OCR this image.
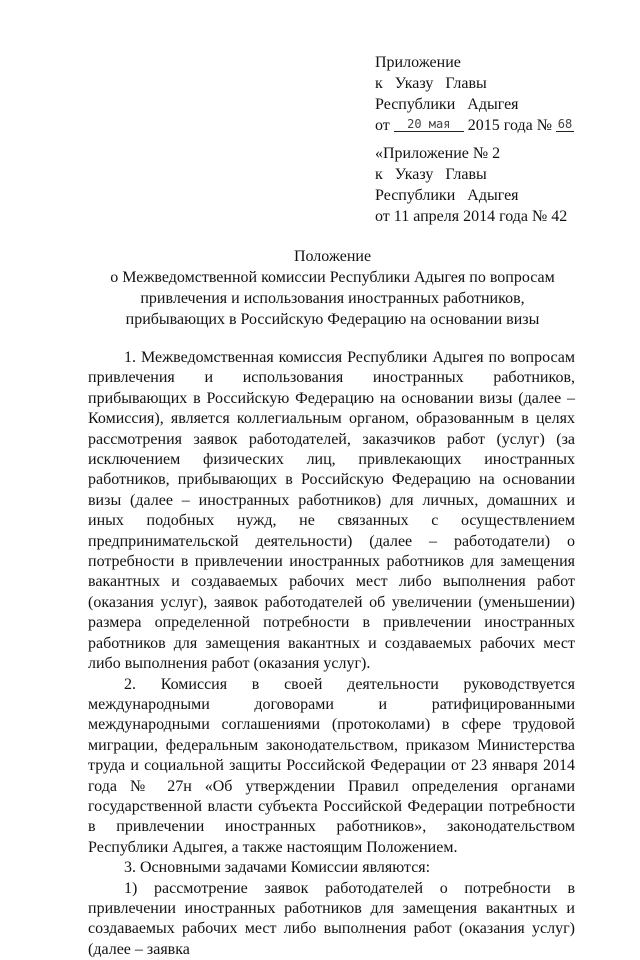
Приложение
к   Указу   Главы
Республики   Адыгея
от 20 мая 2015 года № 68
«Приложение № 2
к   Указу   Главы
Республики   Адыгея
от 11 апреля 2014 года № 42
Положение
о Межведомственной комиссии Республики Адыгея по вопросам привлечения и использования иностранных работников, прибывающих в Российскую Федерацию на основании визы

1. Межведомственная комиссия Республики Адыгея по вопросам привлечения и использования иностранных работников, прибывающих в Российскую Федерацию на основании визы (далее – Комиссия), является коллегиальным органом, образованным в целях рассмотрения заявок работодателей, заказчиков работ (услуг) (за исключением физических лиц, привлекающих иностранных работников, прибывающих в Российскую Федерацию на основании визы (далее – иностранных работников) для личных, домашних и иных подобных нужд, не связанных с осуществлением предпринимательской деятельности) (далее – работодатели) о потребности в привлечении иностранных работников для замещения вакантных и создаваемых рабочих мест либо выполнения работ (оказания услуг), заявок работодателей об увеличении (уменьшении) размера определенной потребности в привлечении иностранных работников для замещения вакантных и создаваемых рабочих мест либо выполнения работ (оказания услуг).

2. Комиссия в своей деятельности руководствуется международными договорами и ратифицированными международными соглашениями (протоколами) в сфере трудовой миграции, федеральным законодательством, приказом Министерства труда и социальной защиты Российской Федерации от 23 января 2014 года № 27н «Об утверждении Правил определения органами государственной власти субъекта Российской Федерации потребности в привлечении иностранных работников», законодательством Республики Адыгея, а также настоящим Положением.

3. Основными задачами Комиссии являются:

1) рассмотрение заявок работодателей о потребности в привлечении иностранных работников для замещения вакантных и создаваемых рабочих мест либо выполнения работ (оказания услуг) (далее – заявка
